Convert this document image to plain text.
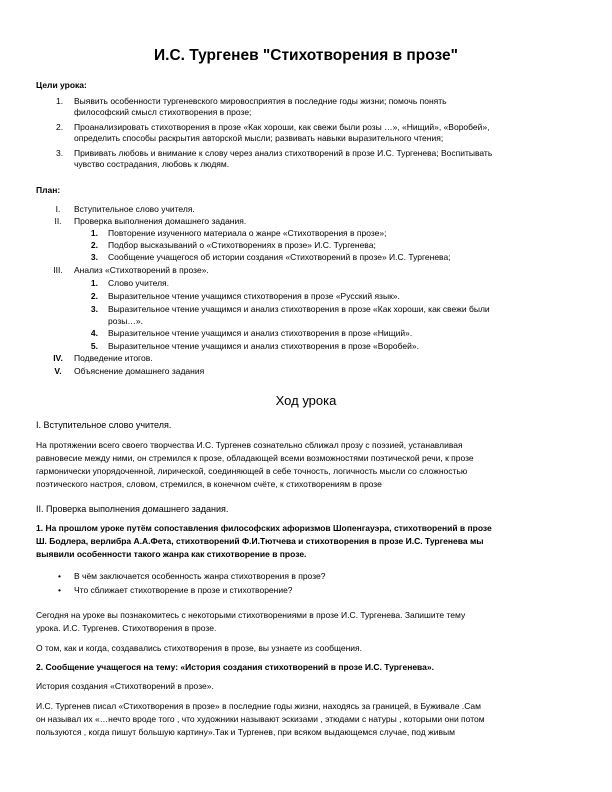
И.С. Тургенев "Стихотворения в прозе"
Цели урока:
1. Выявить особенности тургеневского мировосприятия в последние годы жизни; помочь понять
философский смысл стихотворения в прозе;
2. Проанализировать стихотворения в прозе «Как хороши, как свежи были розы …», «Нищий», «Воробей»,
определить способы раскрытия авторской мысли; развивать навыки выразительного чтения;
3. Прививать любовь и внимание к слову через анализ стихотворений в прозе И.С. Тургенева; Воспитывать
чувство сострадания, любовь к людям.
План:
I.	Вступительное слово учителя.
II.	Проверка выполнения домашнего задания.
1. Повторение изученного материала о жанре «Стихотворения в прозе»;
2. Подбор высказываний о «Стихотворениях в прозе» И.С. Тургенева;
3. Сообщение учащегося об истории создания «Стихотворений в прозе» И.С. Тургенева;
III.	Анализ «Стихотворений в прозе».
1. Слово учителя.
2. Выразительное чтение учащимся стихотворения в прозе «Русский язык».
3. Выразительное чтение учащимся и анализ стихотворения в прозе «Как хороши, как свежи были
розы…».
4. Выразительное чтение учащимся и анализ стихотворения в прозе «Нищий».
5. Выразительное чтение учащимся и анализ стихотворения в прозе «Воробей».
IV.	Подведение итогов.
V.	Объяснение домашнего задания
Ход урока
I. Вступительное слово учителя.
На протяжении всего своего творчества И.С. Тургенев сознательно сближал прозу с поэзией, устанавливая
равновесие между ними, он стремился к прозе, обладающей всеми возможностями поэтической речи, к прозе
гармонически упорядоченной, лирической, соединяющей в себе точность, логичность мысли со сложностью
поэтического настроя, словом, стремился, в конечном счёте, к стихотворениям в прозе
II. Проверка выполнения домашнего задания.
1. На прошлом уроке путём сопоставления философских афоризмов Шопенгауэра, стихотворений в прозе
Ш. Бодлера, верлибра А.А.Фета, стихотворений Ф.И.Тютчева и стихотворения в прозе И.С. Тургенева мы
выявили особенности такого жанра как стихотворение в прозе.
• В чём заключается особенность жанра стихотворения в прозе?
• Что сближает стихотворение в прозе и стихотворение?
Сегодня на уроке вы познакомитесь с некоторыми стихотворениями в прозе И.С. Тургенева. Запишите тему
урока. И.С. Тургенев. Стихотворения в прозе.
О том, как и когда, создавались стихотворения в прозе, вы узнаете из сообщения.
2. Сообщение учащегося на тему: «История создания стихотворений в прозе И.С. Тургенева».
История создания «Стихотворений в прозе».
И.С. Тургенев писал «Стихотворения в прозе» в последние годы жизни, находясь за границей, в Буживале .Сам
он называл их «…нечто вроде того , что художники называют эскизами , этюдами с натуры , которыми они потом
пользуются , когда пишут большую картину».Так и Тургенев, при всяком выдающемся случае, под живым
